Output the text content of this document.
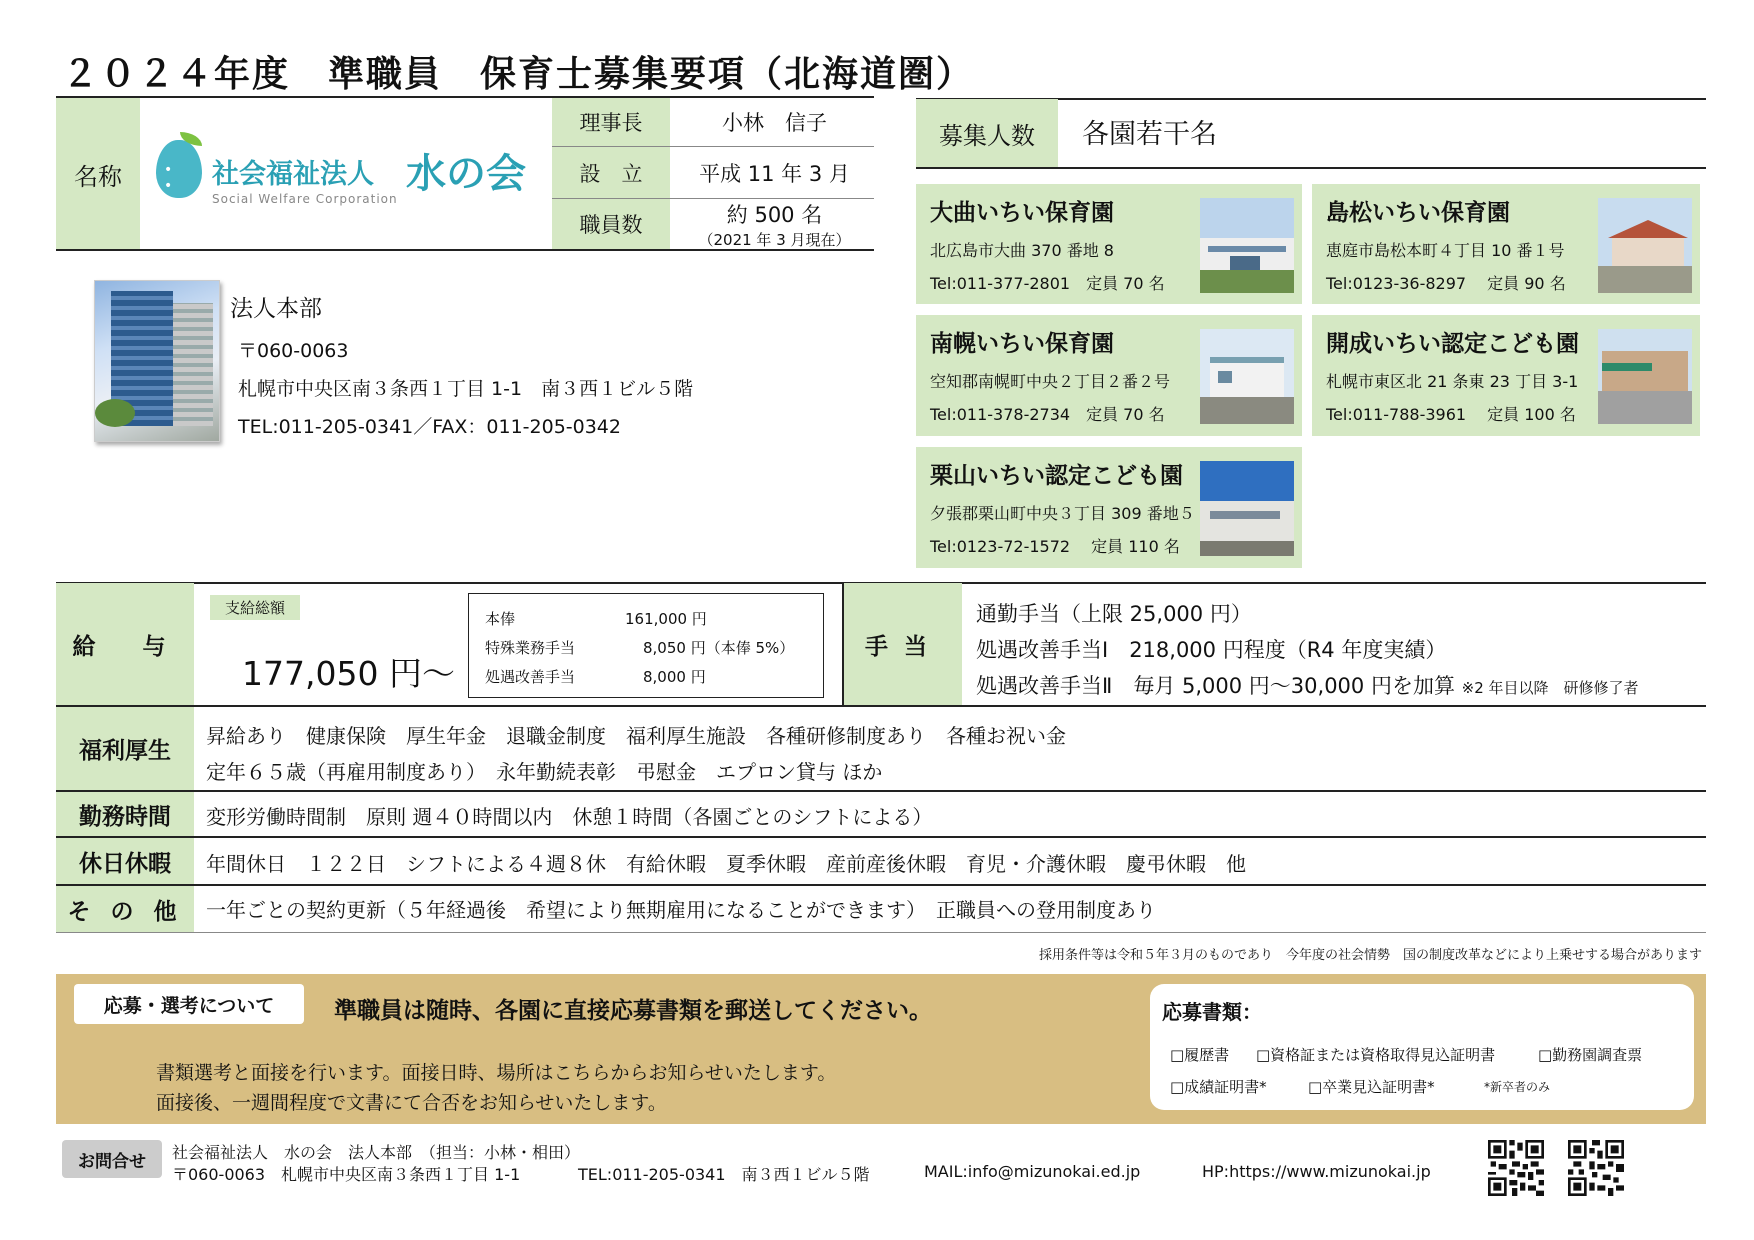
２０２４年度　準職員　保育士募集要項（北海道圏）
名称	• •	社会福祉法人 水の会
Social Welfare Corporation
理事長	小林　信子
設　立	平成 11 年 3 月
職員数	約 500 名
（2021 年 3 月現在）
法人本部
〒060-0063
札幌市中央区南３条西１丁目 1-1　南３西１ビル５階
TEL:011-205-0341／FAX：011-205-0342
募集人数	各園若干名
大曲いちい保育園
北広島市大曲 370 番地 8
Tel:011-377-2801　定員 70 名
島松いちい保育園
恵庭市島松本町４丁目 10 番１号
Tel:0123-36-8297　 定員 90 名
南幌いちい保育園
空知郡南幌町中央２丁目２番２号
Tel:011-378-2734　定員 70 名
開成いちい認定こども園
札幌市東区北 21 条東 23 丁目 3-1
Tel:011-788-3961　 定員 100 名
栗山いちい認定こども園
夕張郡栗山町中央３丁目 309 番地５
Tel:0123-72-1572　 定員 110 名
給　与
支給総額
177,050 円～
本俸	161,000 円
特殊業務手当	8,050 円（本俸 5%）
処遇改善手当	8,000 円
手当
通勤手当（上限 25,000 円）
処遇改善手当Ⅰ　218,000 円程度（R4 年度実績）
処遇改善手当Ⅱ　毎月 5,000 円～30,000 円を加算 ※2 年目以降　研修修了者
福利厚生
昇給あり　健康保険　厚生年金　退職金制度　福利厚生施設　各種研修制度あり　各種お祝い金
定年６５歳（再雇用制度あり）　永年勤続表彰　弔慰金　エプロン貸与 ほか
勤務時間	変形労働時間制　原則 週４０時間以内　休憩１時間（各園ごとのシフトによる）
休日休暇	年間休日　１２２日　シフトによる４週８休　有給休暇　夏季休暇　産前産後休暇　育児・介護休暇　慶弔休暇　他
そ の 他	一年ごとの契約更新（５年経過後　希望により無期雇用になることができます）　正職員への登用制度あり
採用条件等は令和５年３月のものであり　今年度の社会情勢　国の制度改革などにより上乗せする場合があります
応募・選考について	準職員は随時、各園に直接応募書類を郵送してください。
書類選考と面接を行います。面接日時、場所はこちらからお知らせいたします。
面接後、一週間程度で文書にて合否をお知らせいたします。
応募書類：
□履歴書 □資格証または資格取得見込証明書	□勤務園調査票
□成績証明書*	□卒業見込証明書*	*新卒者のみ
お問合せ	社会福祉法人　水の会　法人本部　（担当：小林・相田）
〒060-0063　札幌市中央区南３条西１丁目 1-1	TEL:011-205-0341　南３西１ビル５階	MAIL:info@mizunokai.ed.jp	HP:https://www.mizunokai.jp
